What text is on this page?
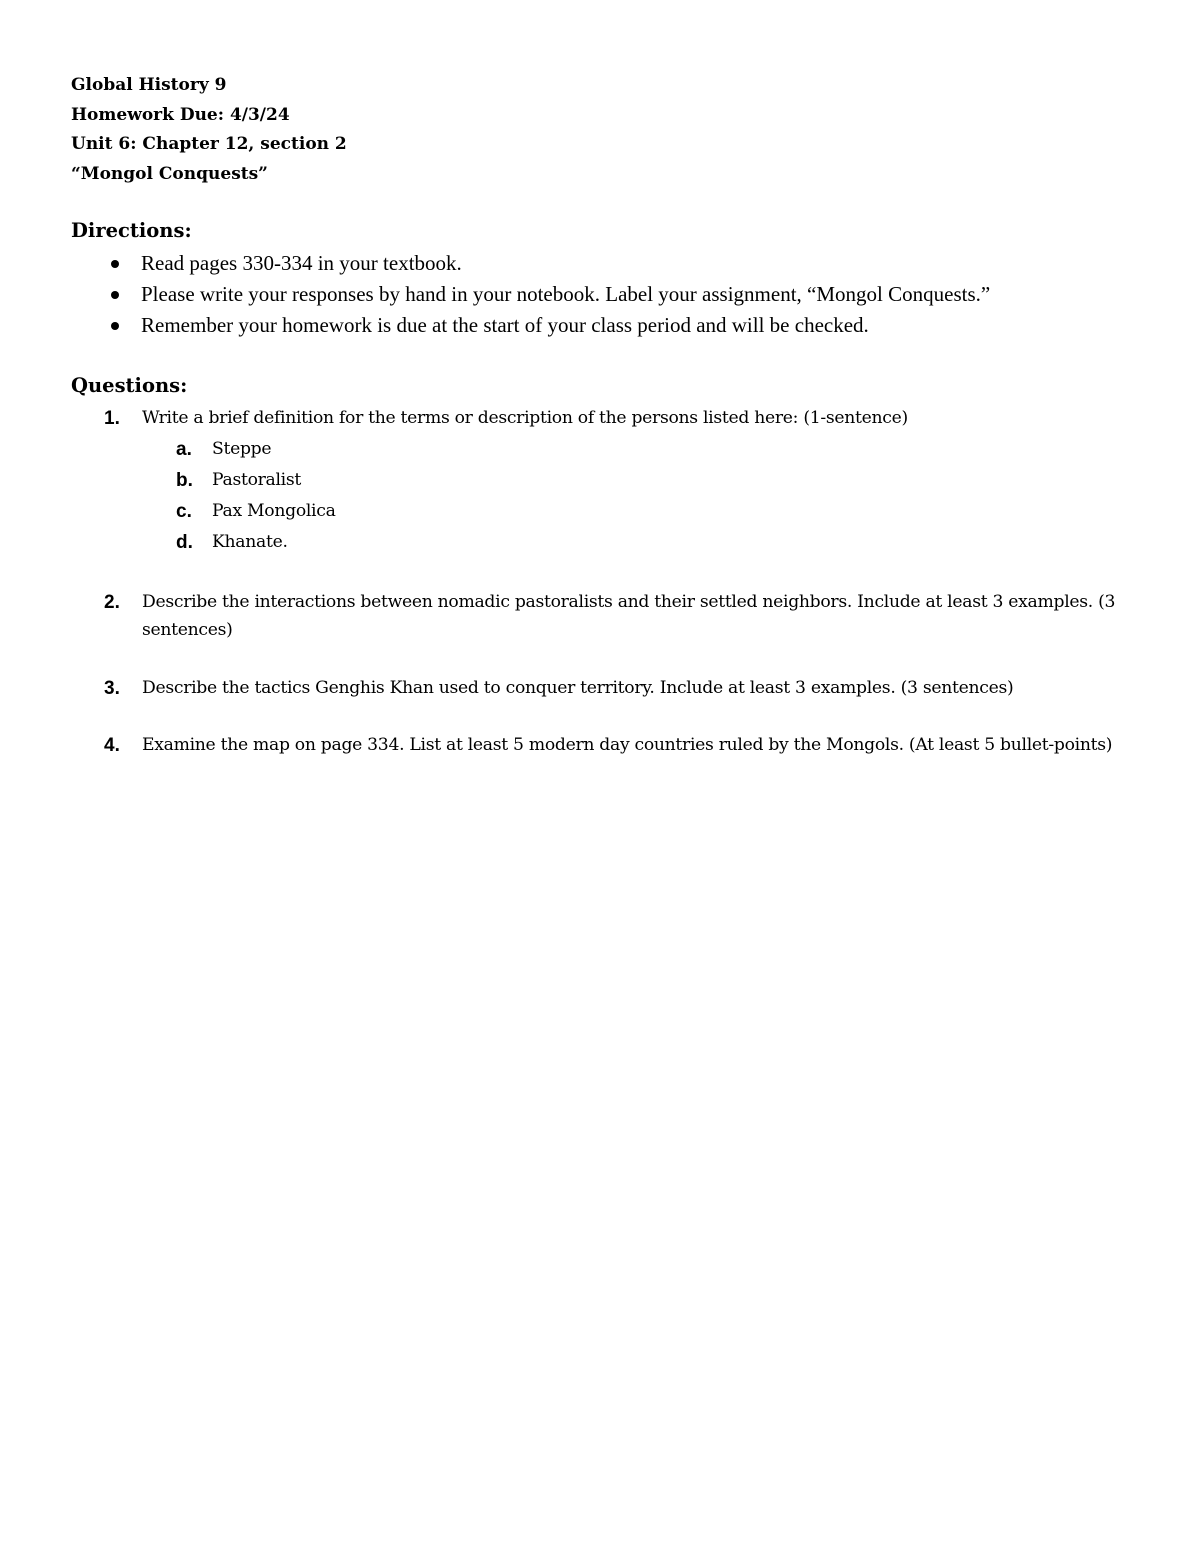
Global History 9
Homework Due: 4/3/24
Unit 6: Chapter 12, section 2
“Mongol Conquests”
Directions:
Read pages 330-334 in your textbook.
Please write your responses by hand in your notebook. Label your assignment, “Mongol Conquests.”
Remember your homework is due at the start of your class period and will be checked.
Questions:
1. Write a brief definition for the terms or description of the persons listed here: (1-sentence)
a. Steppe
b. Pastoralist
c. Pax Mongolica
d. Khanate.
2. Describe the interactions between nomadic pastoralists and their settled neighbors. Include at least 3 examples. (3 sentences)
3. Describe the tactics Genghis Khan used to conquer territory. Include at least 3 examples. (3 sentences)
4. Examine the map on page 334. List at least 5 modern day countries ruled by the Mongols. (At least 5 bullet-points)
